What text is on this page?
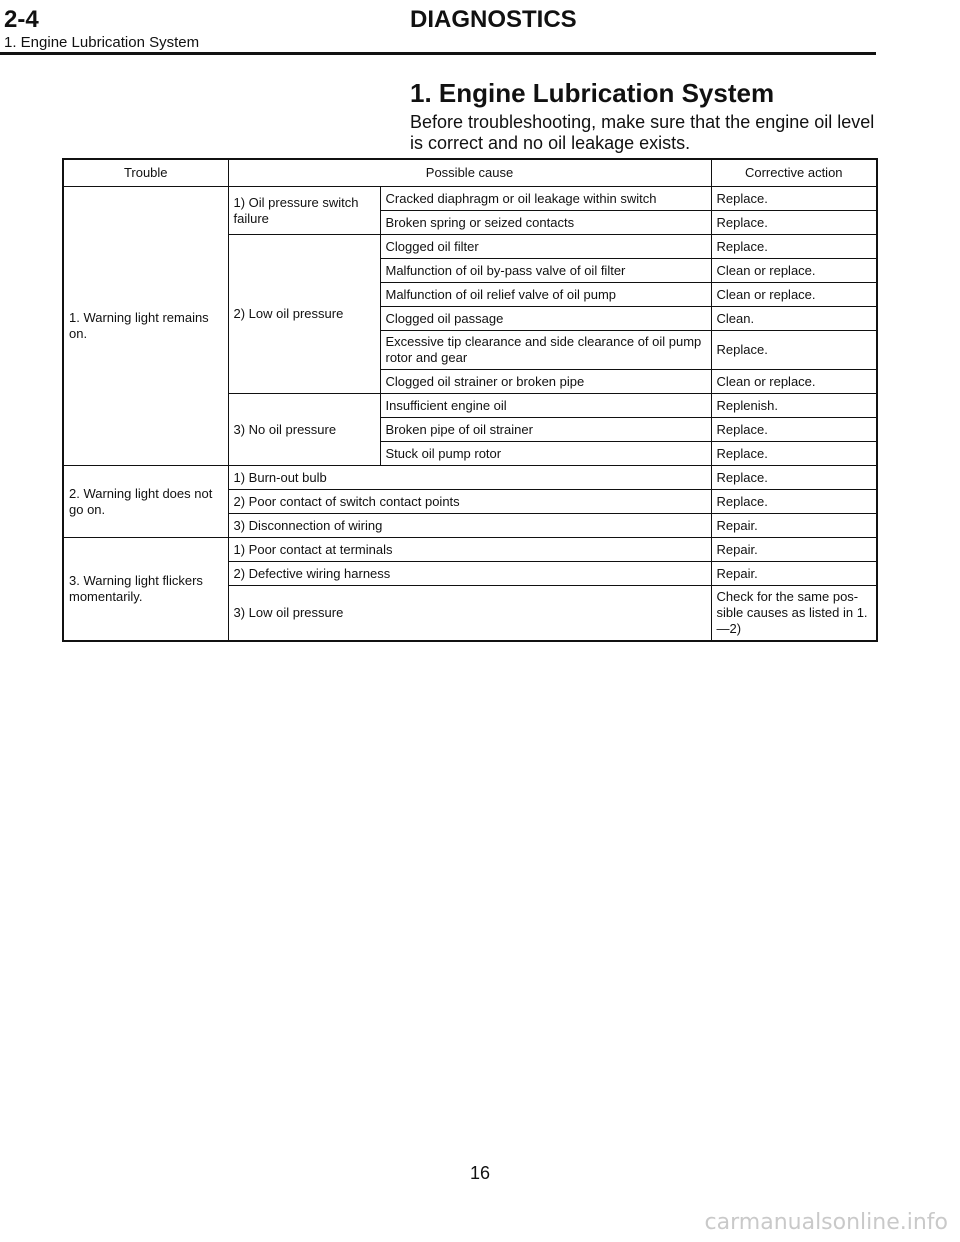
2-4	DIAGNOSTICS
1. Engine Lubrication System
1. Engine Lubrication System
Before troubleshooting, make sure that the engine oil level is correct and no oil leakage exists.
Trouble	Possible cause		Corrective action
1. Warning light remains on.	1) Oil pressure switch failure	Cracked diaphragm or oil leakage within switch	Replace.
		Broken spring or seized contacts	Replace.
	2) Low oil pressure	Clogged oil filter	Replace.
		Malfunction of oil by-pass valve of oil filter	Clean or replace.
		Malfunction of oil relief valve of oil pump	Clean or replace.
		Clogged oil passage	Clean.
		Excessive tip clearance and side clearance of oil pump rotor and gear	Replace.
		Clogged oil strainer or broken pipe	Clean or replace.
	3) No oil pressure	Insufficient engine oil	Replenish.
		Broken pipe of oil strainer	Replace.
		Stuck oil pump rotor	Replace.
2. Warning light does not go on.	1) Burn-out bulb		Replace.
	2) Poor contact of switch contact points		Replace.
	3) Disconnection of wiring		Repair.
3. Warning light flickers momentarily.	1) Poor contact at terminals		Repair.
	2) Defective wiring harness		Repair.
	3) Low oil pressure		Check for the same pos-sible causes as listed in 1.—2)
16
carmanualsonline.info
